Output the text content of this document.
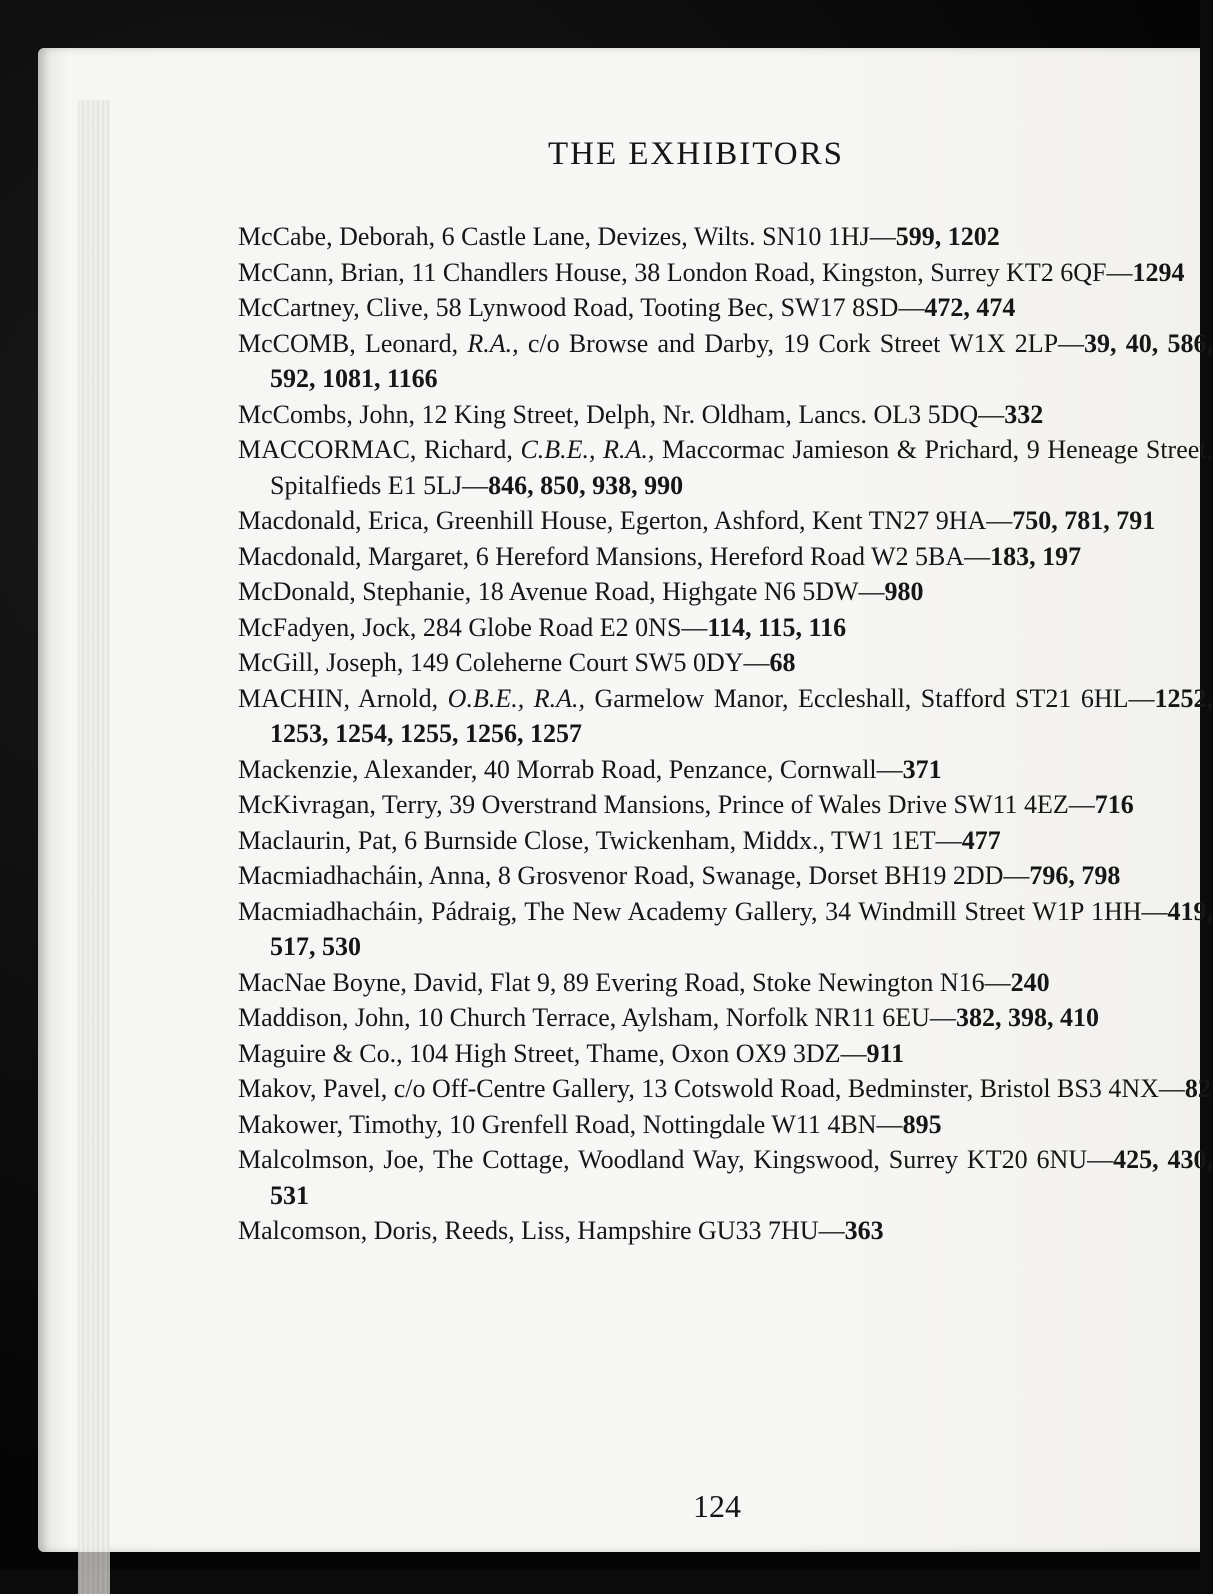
THE EXHIBITORS
McCabe, Deborah, 6 Castle Lane, Devizes, Wilts. SN10 1HJ—599, 1202
McCann, Brian, 11 Chandlers House, 38 London Road, Kingston, Surrey KT2 6QF—1294
McCartney, Clive, 58 Lynwood Road, Tooting Bec, SW17 8SD—472, 474
McCOMB, Leonard, R.A., c/o Browse and Darby, 19 Cork Street W1X 2LP—39, 40, 586, 592, 1081, 1166
McCombs, John, 12 King Street, Delph, Nr. Oldham, Lancs. OL3 5DQ—332
MACCORMAC, Richard, C.B.E., R.A., Maccormac Jamieson & Prichard, 9 Heneage Street, Spitalfieds E1 5LJ—846, 850, 938, 990
Macdonald, Erica, Greenhill House, Egerton, Ashford, Kent TN27 9HA—750, 781, 791
Macdonald, Margaret, 6 Hereford Mansions, Hereford Road W2 5BA—183, 197
McDonald, Stephanie, 18 Avenue Road, Highgate N6 5DW—980
McFadyen, Jock, 284 Globe Road E2 0NS—114, 115, 116
McGill, Joseph, 149 Coleherne Court SW5 0DY—68
MACHIN, Arnold, O.B.E., R.A., Garmelow Manor, Eccleshall, Stafford ST21 6HL—1252, 1253, 1254, 1255, 1256, 1257
Mackenzie, Alexander, 40 Morrab Road, Penzance, Cornwall—371
McKivragan, Terry, 39 Overstrand Mansions, Prince of Wales Drive SW11 4EZ—716
Maclaurin, Pat, 6 Burnside Close, Twickenham, Middx., TW1 1ET—477
Macmiadhacháin, Anna, 8 Grosvenor Road, Swanage, Dorset BH19 2DD—796, 798
Macmiadhacháin, Pádraig, The New Academy Gallery, 34 Windmill Street W1P 1HH—419, 517, 530
MacNae Boyne, David, Flat 9, 89 Evering Road, Stoke Newington N16—240
Maddison, John, 10 Church Terrace, Aylsham, Norfolk NR11 6EU—382, 398, 410
Maguire & Co., 104 High Street, Thame, Oxon OX9 3DZ—911
Makov, Pavel, c/o Off-Centre Gallery, 13 Cotswold Road, Bedminster, Bristol BS3 4NX—82
Makower, Timothy, 10 Grenfell Road, Nottingdale W11 4BN—895
Malcolmson, Joe, The Cottage, Woodland Way, Kingswood, Surrey KT20 6NU—425, 430, 531
Malcomson, Doris, Reeds, Liss, Hampshire GU33 7HU—363
124
